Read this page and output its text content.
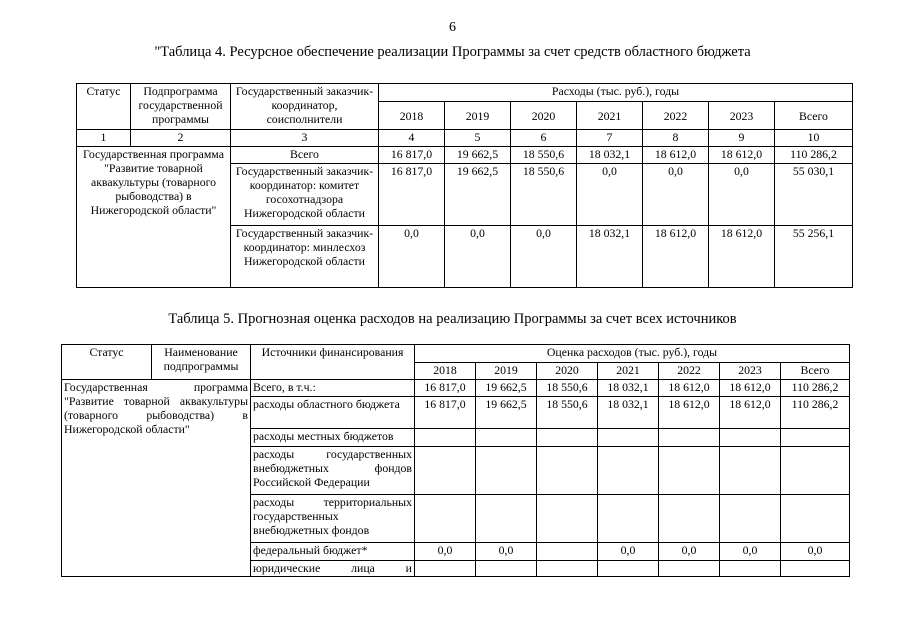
6
"Таблица 4. Ресурсное обеспечение реализации Программы за счет средств областного бюджета
Статус	Подпрограмма государственной программы	Государственный заказчик-координатор, соисполнители	Расходы (тыс. руб.), годы						
			2018	2019	2020	2021	2022	2023	Всего
1	2	3	4	5	6	7	8	9	10
Государственная программа "Развитие товарной аквакультуры (товарного рыбоводства) в Нижегородской области"		Всего	16 817,0	19 662,5	18 550,6	18 032,1	18 612,0	18 612,0	110 286,2
		Государственный заказчик-координатор: комитет госохотнадзора Нижегородской области	16 817,0	19 662,5	18 550,6	0,0	0,0	0,0	55 030,1
		Государственный заказчик-координатор: минлесхоз Нижегородской области	0,0	0,0	0,0	18 032,1	18 612,0	18 612,0	55 256,1
Таблица 5. Прогнозная оценка расходов на реализацию Программы за счет всех источников
Статус	Наименование подпрограммы	Источники финансирования	Оценка расходов (тыс. руб.), годы						
			2018	2019	2020	2021	2022	2023	Всего
Государственная программа "Развитие товарной аквакультуры (товарного рыбоводства) в Нижегородской области"		Всего, в т.ч.:	16 817,0	19 662,5	18 550,6	18 032,1	18 612,0	18 612,0	110 286,2
		расходы областного бюджета	16 817,0	19 662,5	18 550,6	18 032,1	18 612,0	18 612,0	110 286,2
		расходы местных бюджетов							
		расходы государственных внебюджетных фондов Российской Федерации							
		расходы территориальных государственных внебюджетных фондов							
		федеральный бюджет*	0,0	0,0		0,0	0,0	0,0	0,0
		юридические лица и							
